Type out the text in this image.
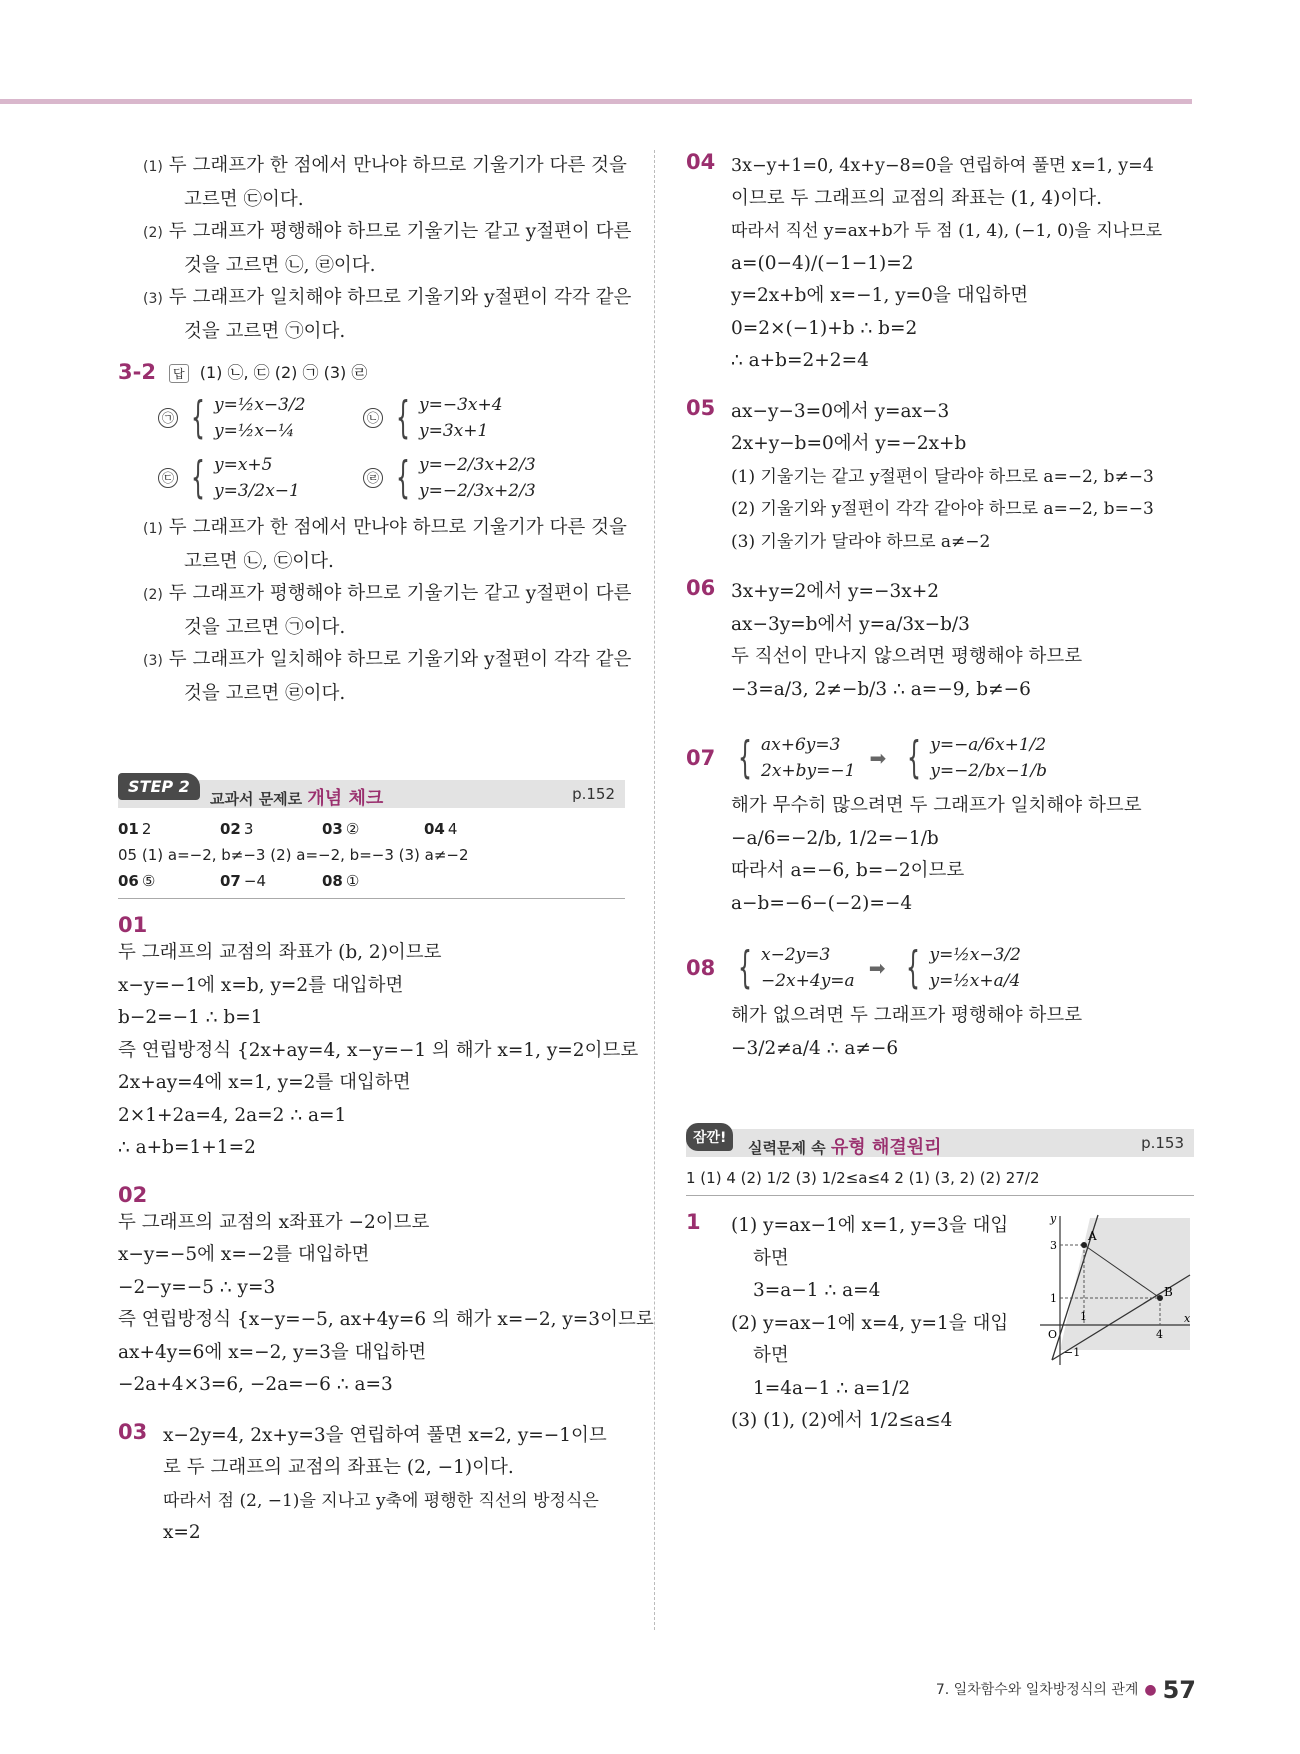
(1) 두 그래프가 한 점에서 만나야 하므로 기울기가 다른 것을
고르면 ㉢이다.
(2) 두 그래프가 평행해야 하므로 기울기는 같고 y절편이 다른
것을 고르면 ㉡, ㉣이다.
(3) 두 그래프가 일치해야 하므로 기울기와 y절편이 각각 같은
것을 고르면 ㉠이다.
3-2 답 (1) ㉡, ㉢ (2) ㉠ (3) ㉣
㉠ { y=½x−3/2
y=½x−¼
㉡ { y=−3x+4
y=3x+1
㉢ { y=x+5
y=3/2x−1
㉣ { y=−2/3x+2/3
y=−2/3x+2/3
(1) 두 그래프가 한 점에서 만나야 하므로 기울기가 다른 것을
고르면 ㉡, ㉢이다.
(2) 두 그래프가 평행해야 하므로 기울기는 같고 y절편이 다른
것을 고르면 ㉠이다.
(3) 두 그래프가 일치해야 하므로 기울기와 y절편이 각각 같은
것을 고르면 ㉣이다.
STEP 2
교과서 문제로 개념 체크	p.152
01 2	02 3	03 ②	04 4
05 (1) a=−2, b≠−3 (2) a=−2, b=−3 (3) a≠−2
06 ⑤	07 −4	08 ①
01
두 그래프의 교점의 좌표가 (b, 2)이므로
x−y=−1에 x=b, y=2를 대입하면
b−2=−1 ∴ b=1
즉 연립방정식 {2x+ay=4, x−y=−1 의 해가 x=1, y=2이므로
2x+ay=4에 x=1, y=2를 대입하면
2×1+2a=4, 2a=2 ∴ a=1
∴ a+b=1+1=2
02
두 그래프의 교점의 x좌표가 −2이므로
x−y=−5에 x=−2를 대입하면
−2−y=−5 ∴ y=3
즉 연립방정식 {x−y=−5, ax+4y=6 의 해가 x=−2, y=3이므로
ax+4y=6에 x=−2, y=3을 대입하면
−2a+4×3=6, −2a=−6 ∴ a=3
03 x−2y=4, 2x+y=3을 연립하여 풀면 x=2, y=−1이므
로 두 그래프의 교점의 좌표는 (2, −1)이다.
따라서 점 (2, −1)을 지나고 y축에 평행한 직선의 방정식은
x=2
04 3x−y+1=0, 4x+y−8=0을 연립하여 풀면 x=1, y=4
이므로 두 그래프의 교점의 좌표는 (1, 4)이다.
따라서 직선 y=ax+b가 두 점 (1, 4), (−1, 0)을 지나므로
a=(0−4)/(−1−1)=2
y=2x+b에 x=−1, y=0을 대입하면
0=2×(−1)+b ∴ b=2
∴ a+b=2+2=4
05 ax−y−3=0에서 y=ax−3
2x+y−b=0에서 y=−2x+b
(1) 기울기는 같고 y절편이 달라야 하므로 a=−2, b≠−3
(2) 기울기와 y절편이 각각 같아야 하므로 a=−2, b=−3
(3) 기울기가 달라야 하므로 a≠−2
06 3x+y=2에서 y=−3x+2
ax−3y=b에서 y=a/3x−b/3
두 직선이 만나지 않으려면 평행해야 하므로
−3=a/3, 2≠−b/3 ∴ a=−9, b≠−6
07 { ax+6y=3
2x+by=−1
➡ { y=−a/6x+1/2
y=−2/bx−1/b
해가 무수히 많으려면 두 그래프가 일치해야 하므로
−a/6=−2/b, 1/2=−1/b
따라서 a=−6, b=−2이므로
a−b=−6−(−2)=−4
08 { x−2y=3
−2x+4y=a
➡ { y=½x−3/2
y=½x+a/4
해가 없으려면 두 그래프가 평행해야 하므로
−3/2≠a/4 ∴ a≠−6
잠깐!
실력문제 속 유형 해결원리	p.153
1 (1) 4 (2) 1/2 (3) 1/2≤a≤4 2 (1) (3, 2) (2) 27/2
1 (1) y=ax−1에 x=1, y=3을 대입
하면
3=a−1 ∴ a=4
(2) y=ax−1에 x=4, y=1을 대입
하면
1=4a−1 ∴ a=1/2
(3) (1), (2)에서 1/2≤a≤4
A
B
y
x
O
3
1
1
4
−1
7. 일차함수와 일차방정식의 관계 ● 57
